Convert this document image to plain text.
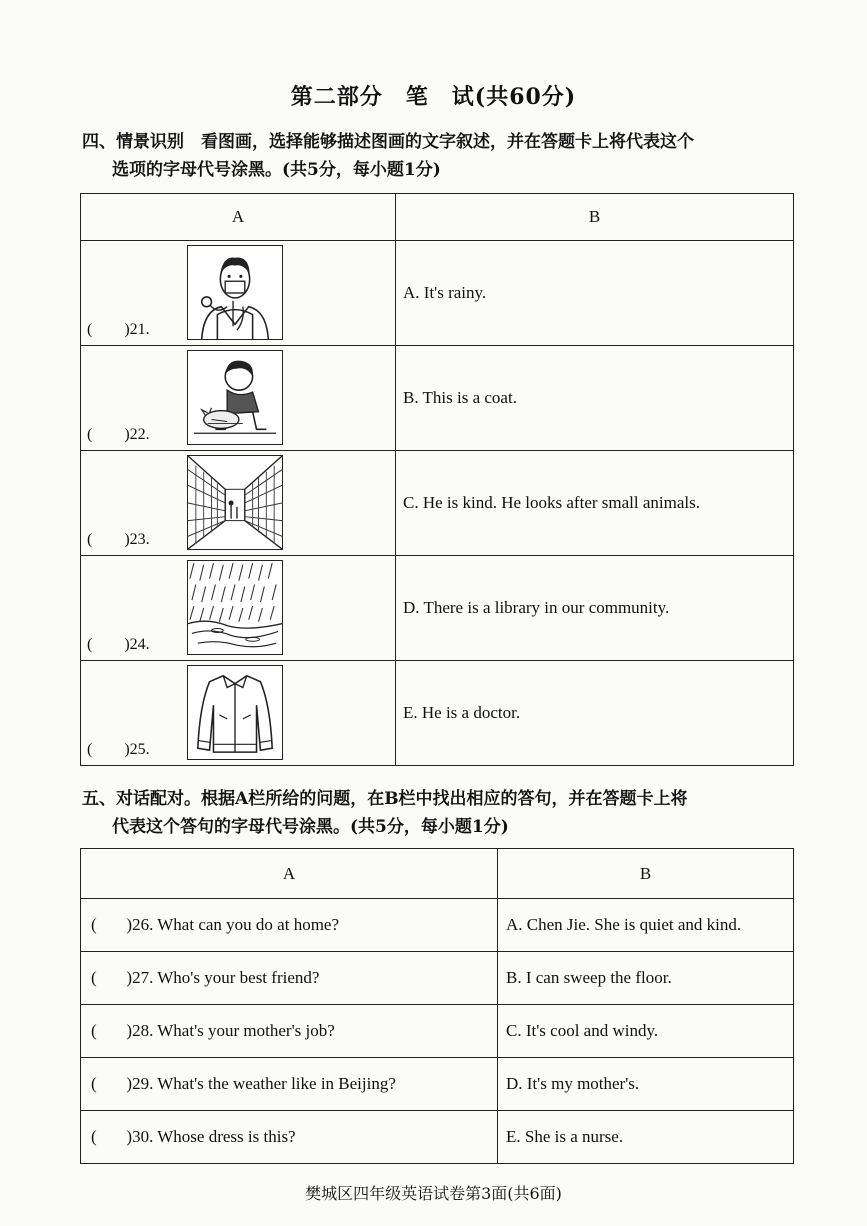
第二部分　笔　试(共60分)
四、情景识别　看图画，选择能够描述图画的文字叙述，并在答题卡上将代表这个
选项的字母代号涂黑。(共5分，每小题1分)
A	B

(　　)21.	A. It's rainy.

(　　)22.	B. This is a coat.

(　　)23.	C. He is kind. He looks after small animals.

(　　)24.	D. There is a library in our community.

(　　)25.	E. He is a doctor.
五、对话配对。根据A栏所给的问题，在B栏中找出相应的答句，并在答题卡上将
代表这个答句的字母代号涂黑。(共5分，每小题1分)
A	B
(       )26. What can you do at home?	A. Chen Jie. She is quiet and kind.
(       )27. Who's your best friend?	B. I can sweep the floor.
(       )28. What's your mother's job?	C. It's cool and windy.
(       )29. What's the weather like in Beijing?	D. It's my mother's.
(       )30. Whose dress is this?	E. She is a nurse.
樊城区四年级英语试卷第3面(共6面)
